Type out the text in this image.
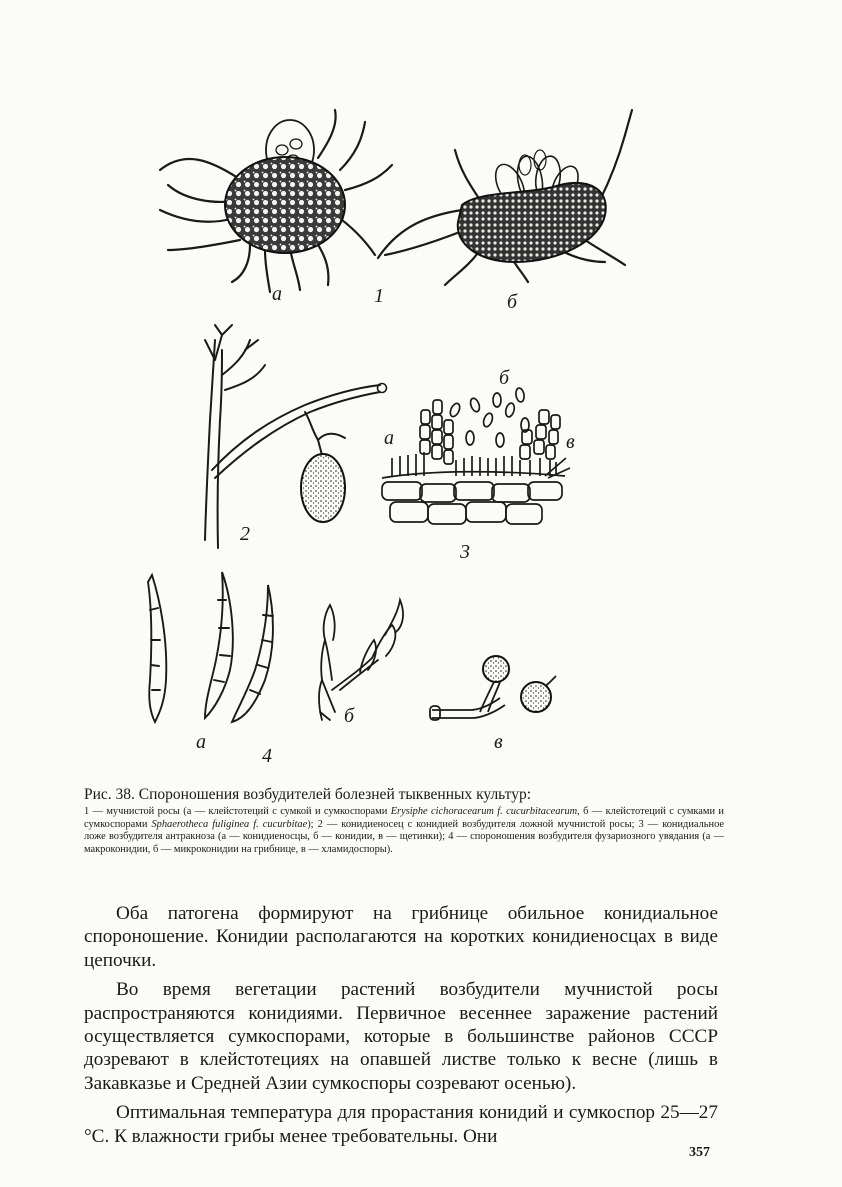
а	1	б
2
а
б
в
3
а
4
б
в

Рис. 38. Спороношения возбудителей болезней тыквенных культур:

1 — мучнистой росы (а — клейстотеций с сумкой и сумкоспорами Erysiphe cichoracearum f. cucurbitacearum, б — клейстотеций с сумками и сумкоспорами Sphaerotheca fuliginea f. cucurbitae); 2 — конидиеносец с конидией возбудителя ложной мучнистой росы; 3 — конидиальное ложе возбудителя антракноза (а — конидиеносцы, б — конидии, в — щетинки); 4 — спороношения возбудителя фузариозного увядания (а — макроконидии, б — микроконидии на грибнице, в — хламидоспоры).

Оба патогена формируют на грибнице обильное конидиальное спороношение. Конидии располагаются на коротких конидиеносцах в виде цепочки.

Во время вегетации растений возбудители мучнистой росы распространяются конидиями. Первичное весеннее заражение растений осуществляется сумкоспорами, которые в большинстве районов СССР дозревают в клейстотециях на опавшей листве только к весне (лишь в Закавказье и Средней Азии сумкоспоры созревают осенью).

Оптимальная температура для прорастания конидий и сумкоспор 25—27 °C. К влажности грибы менее требовательны. Они

357
